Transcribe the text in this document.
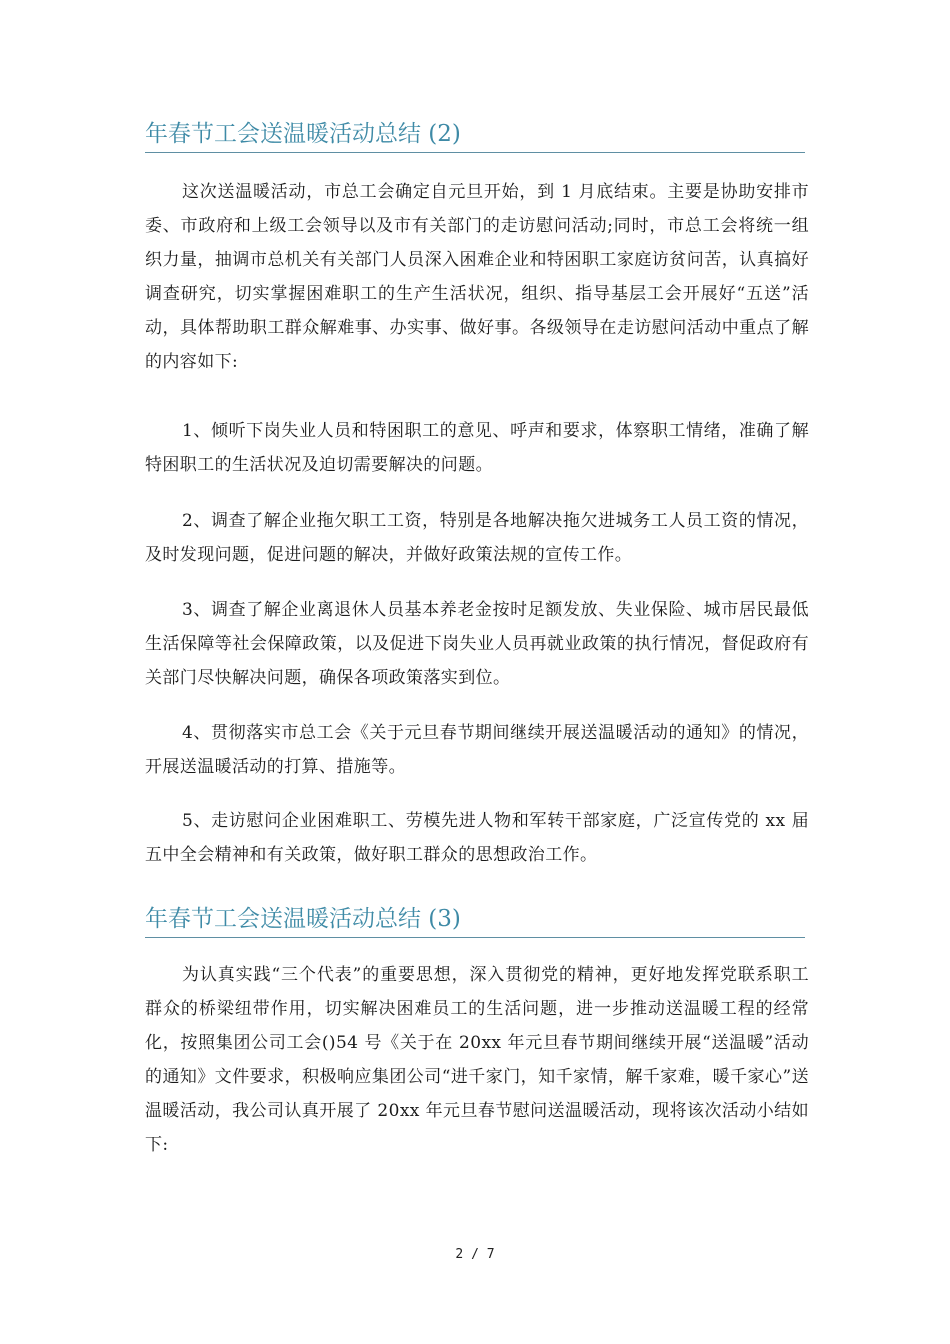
年春节工会送温暖活动总结 (2)

这次送温暖活动，市总工会确定自元旦开始，到 1 月底结束。主要是协助安排市委、市政府和上级工会领导以及市有关部门的走访慰问活动;同时，市总工会将统一组织力量，抽调市总机关有关部门人员深入困难企业和特困职工家庭访贫问苦，认真搞好调查研究，切实掌握困难职工的生产生活状况，组织、指导基层工会开展好“五送”活动，具体帮助职工群众解难事、办实事、做好事。各级领导在走访慰问活动中重点了解的内容如下:

1、倾听下岗失业人员和特困职工的意见、呼声和要求，体察职工情绪，准确了解特困职工的生活状况及迫切需要解决的问题。

2、调查了解企业拖欠职工工资，特别是各地解决拖欠进城务工人员工资的情况，及时发现问题，促进问题的解决，并做好政策法规的宣传工作。

3、调查了解企业离退休人员基本养老金按时足额发放、失业保险、城市居民最低生活保障等社会保障政策，以及促进下岗失业人员再就业政策的执行情况，督促政府有关部门尽快解决问题，确保各项政策落实到位。

4、贯彻落实市总工会《关于元旦春节期间继续开展送温暖活动的通知》的情况，开展送温暖活动的打算、措施等。

5、走访慰问企业困难职工、劳模先进人物和军转干部家庭，广泛宣传党的 xx 届五中全会精神和有关政策，做好职工群众的思想政治工作。

年春节工会送温暖活动总结 (3)

为认真实践“三个代表”的重要思想，深入贯彻党的精神，更好地发挥党联系职工群众的桥梁纽带作用，切实解决困难员工的生活问题，进一步推动送温暖工程的经常化，按照集团公司工会()54 号《关于在 20xx 年元旦春节期间继续开展“送温暖”活动的通知》文件要求，积极响应集团公司“进千家门，知千家情，解千家难，暖千家心”送温暖活动，我公司认真开展了 20xx 年元旦春节慰问送温暖活动，现将该次活动小结如下:

2 / 7
